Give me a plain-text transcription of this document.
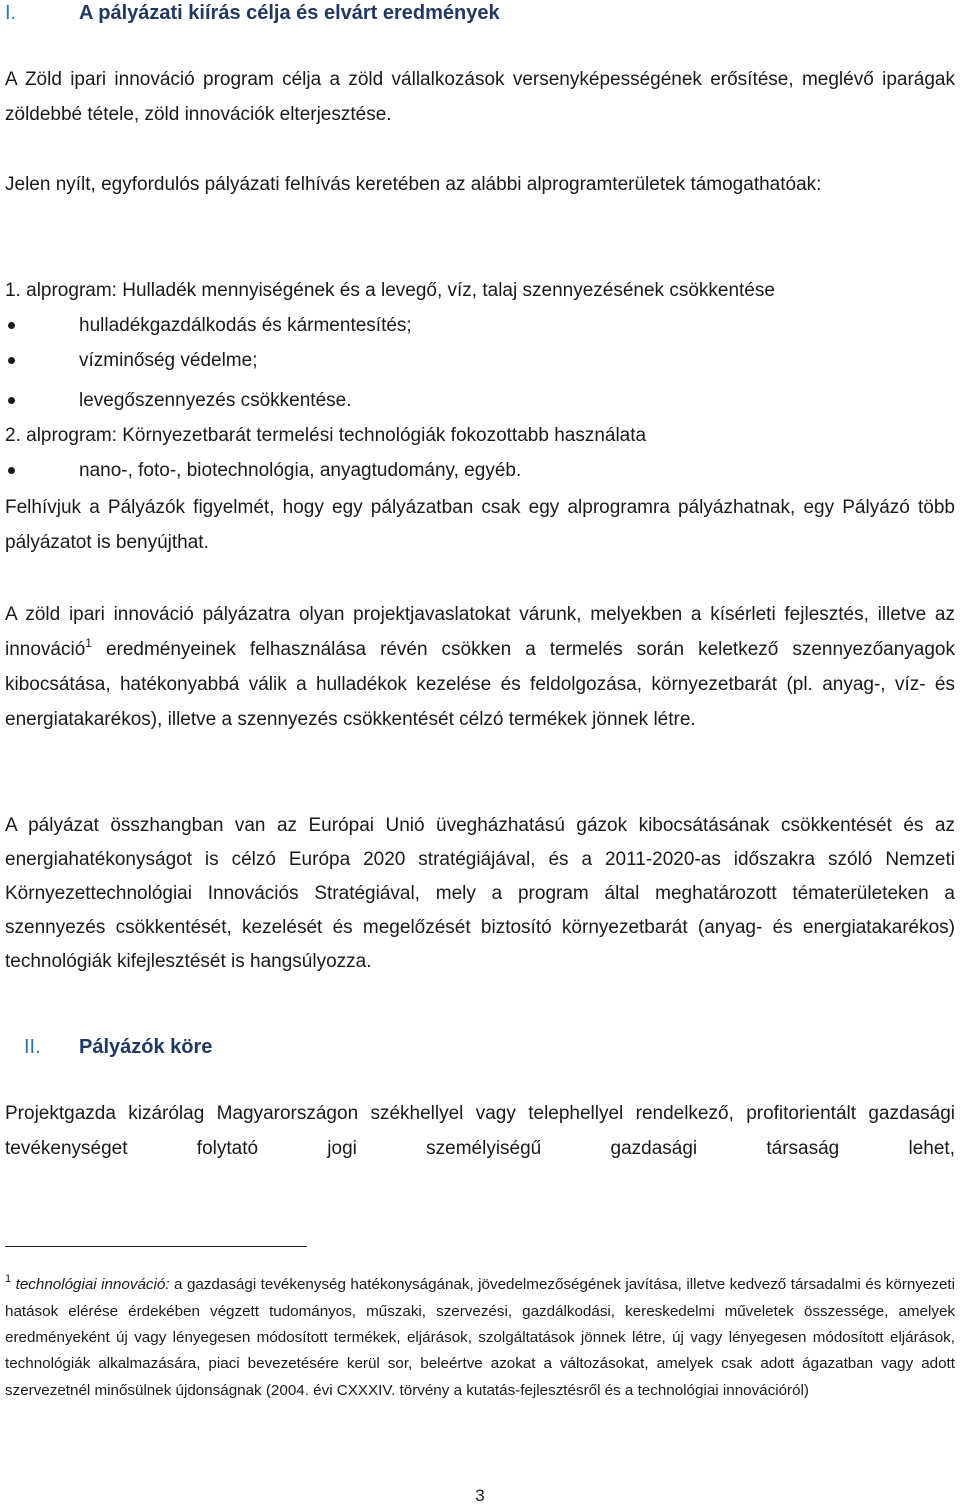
I.	A pályázati kiírás célja és elvárt eredmények

A Zöld ipari innováció program célja a zöld vállalkozások versenyképességének erősítése, meglévő iparágak zöldebbé tétele, zöld innovációk elterjesztése.

Jelen nyílt, egyfordulós pályázati felhívás keretében az alábbi alprogramterületek támogathatóak:

1. alprogram: Hulladék mennyiségének és a levegő, víz, talaj szennyezésének csökkentése

hulladékgazdálkodás és kármentesítés;
vízminőség védelme;
levegőszennyezés csökkentése.

2. alprogram: Környezetbarát termelési technológiák fokozottabb használata

nano-, foto-, biotechnológia, anyagtudomány, egyéb.

Felhívjuk a Pályázók figyelmét, hogy egy pályázatban csak egy alprogramra pályázhatnak, egy Pályázó több pályázatot is benyújthat.

A zöld ipari innováció pályázatra olyan projektjavaslatokat várunk, melyekben a kísérleti fejlesztés, illetve az innováció$^1$ eredményeinek felhasználása révén csökken a termelés során keletkező szennyezőanyagok kibocsátása, hatékonyabbá válik a hulladékok kezelése és feldolgozása, környezetbarát (pl. anyag-, víz- és energiatakarékos), illetve a szennyezés csökkentését célzó termékek jönnek létre.

A pályázat összhangban van az Európai Unió üvegházhatású gázok kibocsátásának csökkentését és az energiahatékonyságot is célzó Európa 2020 stratégiájával, és a 2011-2020-as időszakra szóló Nemzeti Környezettechnológiai Innovációs Stratégiával, mely a program által meghatározott tématerületeken a szennyezés csökkentését, kezelését és megelőzését biztosító környezetbarát (anyag- és energiatakarékos) technológiák kifejlesztését is hangsúlyozza.

II. Pályázók köre

Projektgazda kizárólag Magyarországon székhellyel vagy telephellyel rendelkező, profitorientált gazdasági tevékenységet folytató jogi személyiségű gazdasági társaság lehet,

$^1$ technológiai innováció: a gazdasági tevékenység hatékonyságának, jövedelmezőségének javítása, illetve kedvező társadalmi és környezeti hatások elérése érdekében végzett tudományos, műszaki, szervezési, gazdálkodási, kereskedelmi műveletek összessége, amelyek eredményeként új vagy lényegesen módosított termékek, eljárások, szolgáltatások jönnek létre, új vagy lényegesen módosított eljárások, technológiák alkalmazására, piaci bevezetésére kerül sor, beleértve azokat a változásokat, amelyek csak adott ágazatban vagy adott szervezetnél minősülnek újdonságnak (2004. évi CXXXIV. törvény a kutatás-fejlesztésről és a technológiai innovációról)

3
